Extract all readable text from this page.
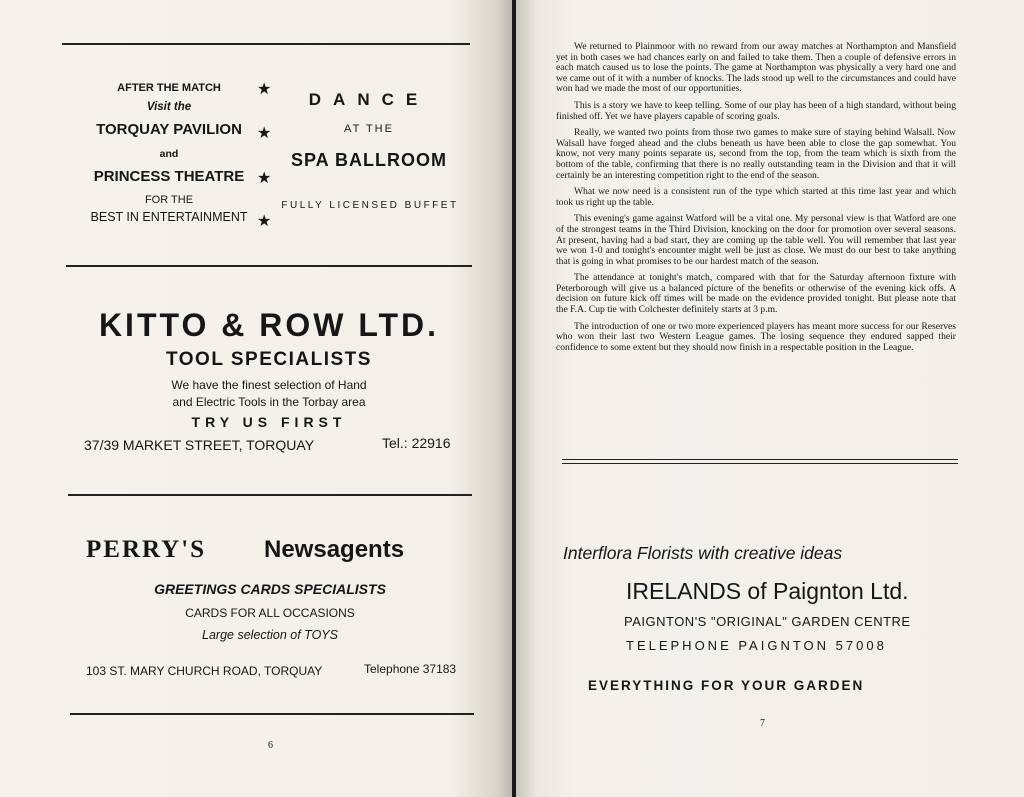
AFTER THE MATCH
Visit the
TORQUAY PAVILION
and
PRINCESS THEATRE
FOR THE
BEST IN ENTERTAINMENT
★
★
★
★
DANCE
AT THE
SPA BALLROOM
FULLY LICENSED BUFFET
KITTO & ROW LTD.
TOOL SPECIALISTS
We have the finest selection of Hand
and Electric Tools in the Torbay area
TRY US FIRST
37/39 MARKET STREET, TORQUAY	Tel.: 22916
PERRY'S Newsagents
GREETINGS CARDS SPECIALISTS
CARDS FOR ALL OCCASIONS
Large selection of TOYS
103 ST. MARY CHURCH ROAD, TORQUAY	Telephone 37183
6

We returned to Plainmoor with no reward from our away matches at Northampton and Mansfield yet in both cases we had chances early on and failed to take them. Then a couple of defensive errors in each match caused us to lose the points. The game at Northampton was physically a very hard one and we came out of it with a number of knocks. The lads stood up well to the circumstances and could have won had we made the most of our opportunities.

This is a story we have to keep telling. Some of our play has been of a high standard, without being finished off. Yet we have players capable of scoring goals.

Really, we wanted two points from those two games to make sure of staying behind Walsall. Now Walsall have forged ahead and the clubs beneath us have been able to close the gap somewhat. You know, not very many points separate us, second from the top, from the team which is sixth from the bottom of the table, confirming that there is no really outstanding team in the Division and that it will certainly be an interesting competition right to the end of the season.

What we now need is a consistent run of the type which started at this time last year and which took us right up the table.

This evening's game against Watford will be a vital one. My personal view is that Watford are one of the strongest teams in the Third Division, knocking on the door for promotion over several seasons. At present, having had a bad start, they are coming up the table well. You will remember that last year we won 1-0 and tonight's encounter might well be just as close. We must do our best to take anything that is going in what promises to be our hardest match of the season.

The attendance at tonight's match, compared with that for the Saturday afternoon fixture with Peterborough will give us a balanced picture of the benefits or otherwise of the evening kick offs. A decision on future kick off times will be made on the evidence provided tonight. But please note that the F.A. Cup tie with Colchester definitely starts at 3 p.m.

The introduction of one or two more experienced players has meant more success for our Reserves who won their last two Western League games. The losing sequence they endured sapped their confidence to some extent but they should now finish in a respectable position in the League.

Interflora Florists with creative ideas
IRELANDS of Paignton Ltd.
PAIGNTON'S "ORIGINAL" GARDEN CENTRE
TELEPHONE PAIGNTON 57008
EVERYTHING FOR YOUR GARDEN
7
